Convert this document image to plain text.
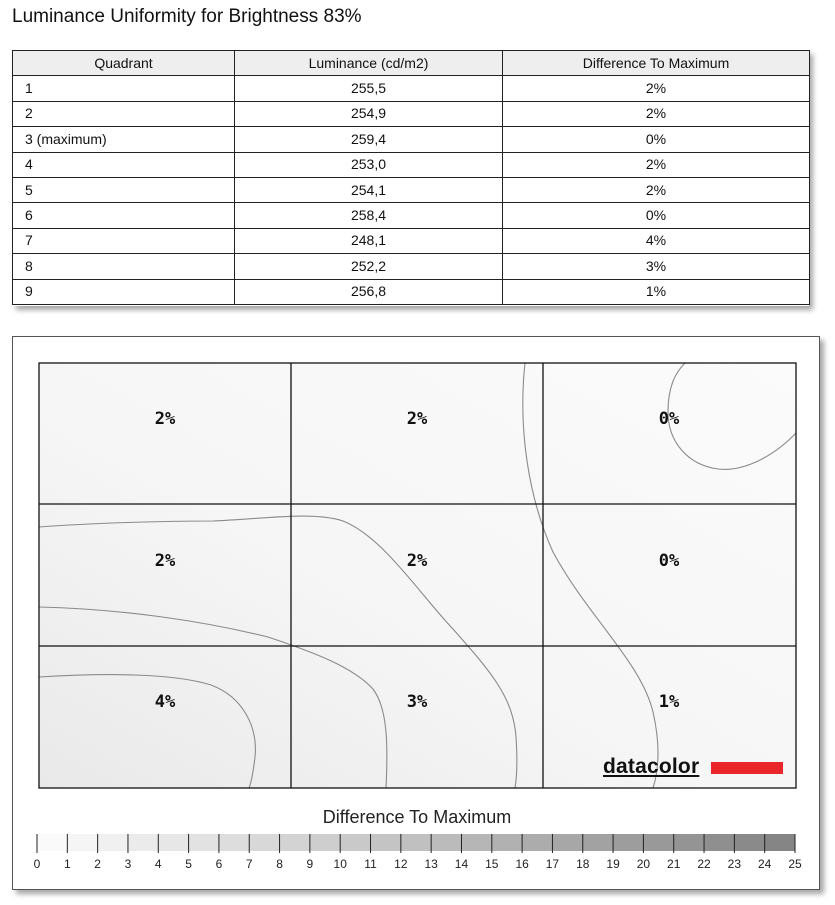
Luminance Uniformity for Brightness 83%
Quadrant	Luminance (cd/m2)	Difference To Maximum
1	255,5	2%
2	254,9	2%
3 (maximum)	259,4	0%
4	253,0	2%
5	254,1	2%
6	258,4	0%
7	248,1	4%
8	252,2	3%
9	256,8	1%
2%	2%	0%
2%	2%	0%
4%	3%	1%
0 1 2 3 4 5 6 7 8 9 10 11 12 13 14 15 16 17 18 19 20 21 22 23 24 25
datacolor
Difference To Maximum
